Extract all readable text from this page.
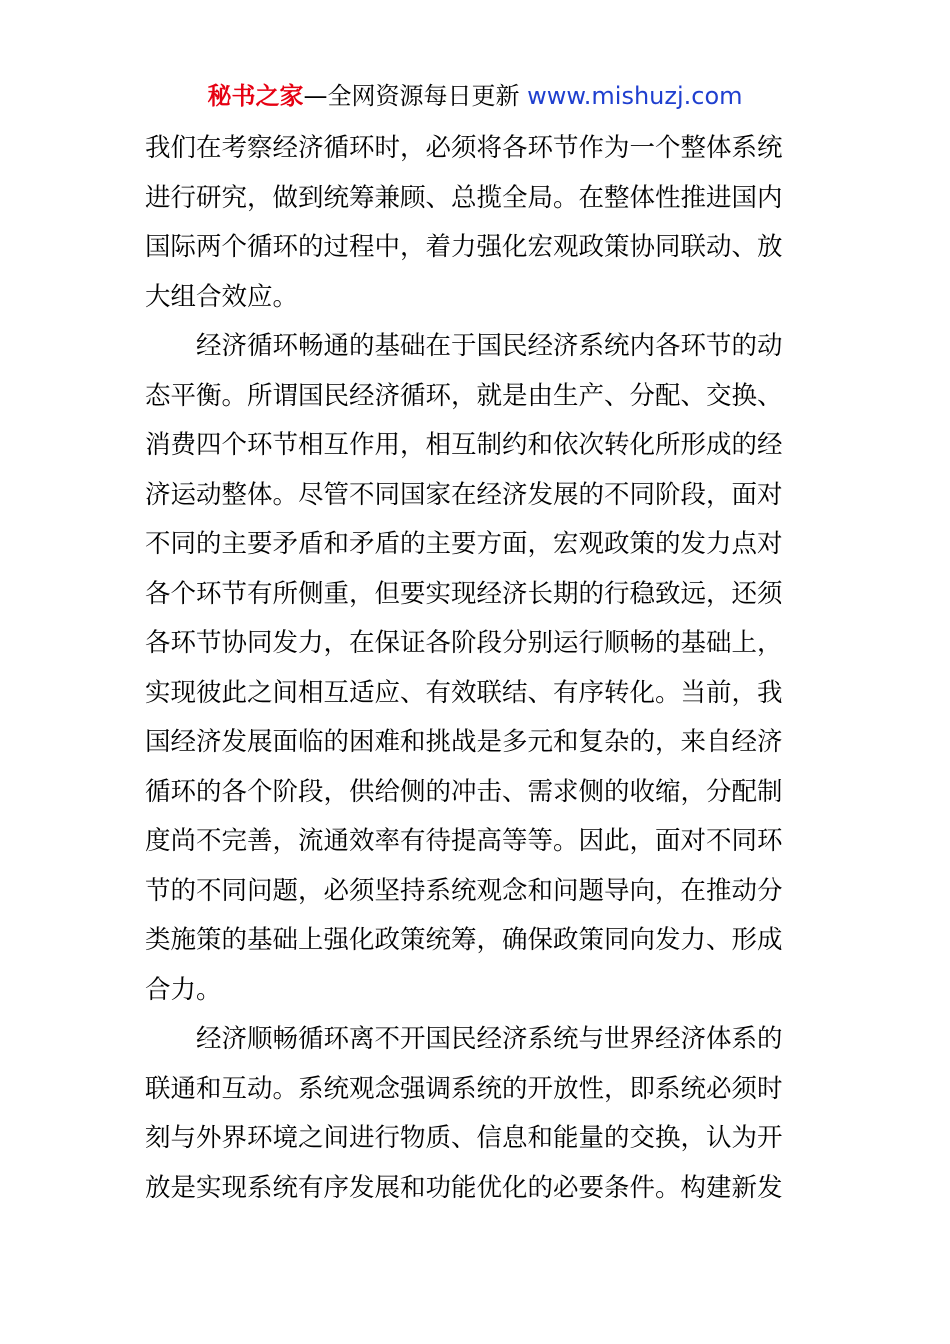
秘书之家—全网资源每日更新 www.mishuzj.com
我们在考察经济循环时，必须将各环节作为一个整体系统
进行研究，做到统筹兼顾、总揽全局。在整体性推进国内
国际两个循环的过程中，着力强化宏观政策协同联动、放
大组合效应。
经济循环畅通的基础在于国民经济系统内各环节的动
态平衡。所谓国民经济循环，就是由生产、分配、交换、
消费四个环节相互作用，相互制约和依次转化所形成的经
济运动整体。尽管不同国家在经济发展的不同阶段，面对
不同的主要矛盾和矛盾的主要方面，宏观政策的发力点对
各个环节有所侧重，但要实现经济长期的行稳致远，还须
各环节协同发力，在保证各阶段分别运行顺畅的基础上，
实现彼此之间相互适应、有效联结、有序转化。当前，我
国经济发展面临的困难和挑战是多元和复杂的，来自经济
循环的各个阶段，供给侧的冲击、需求侧的收缩，分配制
度尚不完善，流通效率有待提高等等。因此，面对不同环
节的不同问题，必须坚持系统观念和问题导向，在推动分
类施策的基础上强化政策统筹，确保政策同向发力、形成
合力。
经济顺畅循环离不开国民经济系统与世界经济体系的
联通和互动。系统观念强调系统的开放性，即系统必须时
刻与外界环境之间进行物质、信息和能量的交换，认为开
放是实现系统有序发展和功能优化的必要条件。构建新发
